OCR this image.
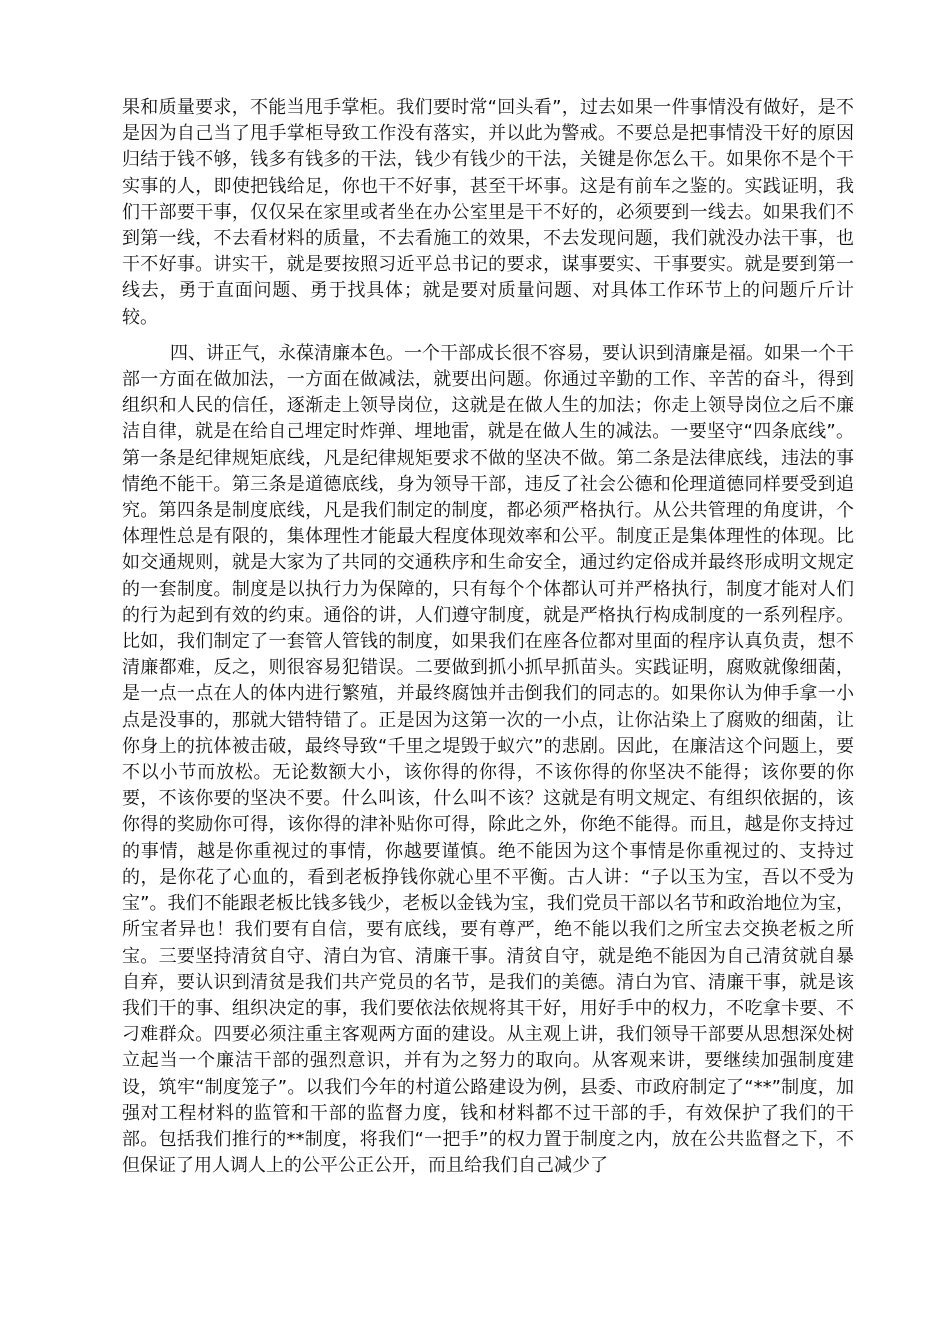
果和质量要求，不能当甩手掌柜。我们要时常“回头看”，过去如果一件事情没有做好，是不是因为自己当了甩手掌柜导致工作没有落实，并以此为警戒。不要总是把事情没干好的原因归结于钱不够，钱多有钱多的干法，钱少有钱少的干法，关键是你怎么干。如果你不是个干实事的人，即使把钱给足，你也干不好事，甚至干坏事。这是有前车之鉴的。实践证明，我们干部要干事，仅仅呆在家里或者坐在办公室里是干不好的，必须要到一线去。如果我们不到第一线，不去看材料的质量，不去看施工的效果，不去发现问题，我们就没办法干事，也干不好事。讲实干，就是要按照习近平总书记的要求，谋事要实、干事要实。就是要到第一线去，勇于直面问题、勇于找具体；就是要对质量问题、对具体工作环节上的问题斤斤计较。

四、讲正气，永葆清廉本色。一个干部成长很不容易，要认识到清廉是福。如果一个干部一方面在做加法，一方面在做减法，就要出问题。你通过辛勤的工作、辛苦的奋斗，得到组织和人民的信任，逐渐走上领导岗位，这就是在做人生的加法；你走上领导岗位之后不廉洁自律，就是在给自己埋定时炸弹、埋地雷，就是在做人生的减法。一要坚守“四条底线”。第一条是纪律规矩底线，凡是纪律规矩要求不做的坚决不做。第二条是法律底线，违法的事情绝不能干。第三条是道德底线，身为领导干部，违反了社会公德和伦理道德同样要受到追究。第四条是制度底线，凡是我们制定的制度，都必须严格执行。从公共管理的角度讲，个体理性总是有限的，集体理性才能最大程度体现效率和公平。制度正是集体理性的体现。比如交通规则，就是大家为了共同的交通秩序和生命安全，通过约定俗成并最终形成明文规定的一套制度。制度是以执行力为保障的，只有每个个体都认可并严格执行，制度才能对人们的行为起到有效的约束。通俗的讲，人们遵守制度，就是严格执行构成制度的一系列程序。比如，我们制定了一套管人管钱的制度，如果我们在座各位都对里面的程序认真负责，想不清廉都难，反之，则很容易犯错误。二要做到抓小抓早抓苗头。实践证明，腐败就像细菌，是一点一点在人的体内进行繁殖，并最终腐蚀并击倒我们的同志的。如果你认为伸手拿一小点是没事的，那就大错特错了。正是因为这第一次的一小点，让你沾染上了腐败的细菌，让你身上的抗体被击破，最终导致“千里之堤毁于蚁穴”的悲剧。因此，在廉洁这个问题上，要不以小节而放松。无论数额大小，该你得的你得，不该你得的你坚决不能得；该你要的你要，不该你要的坚决不要。什么叫该，什么叫不该？这就是有明文规定、有组织依据的，该你得的奖励你可得，该你得的津补贴你可得，除此之外，你绝不能得。而且，越是你支持过的事情，越是你重视过的事情，你越要谨慎。绝不能因为这个事情是你重视过的、支持过的，是你花了心血的，看到老板挣钱你就心里不平衡。古人讲：“子以玉为宝，吾以不受为宝”。我们不能跟老板比钱多钱少，老板以金钱为宝，我们党员干部以名节和政治地位为宝，所宝者异也！我们要有自信，要有底线，要有尊严，绝不能以我们之所宝去交换老板之所宝。三要坚持清贫自守、清白为官、清廉干事。清贫自守，就是绝不能因为自己清贫就自暴自弃，要认识到清贫是我们共产党员的名节，是我们的美德。清白为官、清廉干事，就是该我们干的事、组织决定的事，我们要依法依规将其干好，用好手中的权力，不吃拿卡要、不刁难群众。四要必须注重主客观两方面的建设。从主观上讲，我们领导干部要从思想深处树立起当一个廉洁干部的强烈意识，并有为之努力的取向。从客观来讲，要继续加强制度建设，筑牢“制度笼子”。以我们今年的村道公路建设为例，县委、市政府制定了“**”制度，加强对工程材料的监管和干部的监督力度，钱和材料都不过干部的手，有效保护了我们的干部。包括我们推行的**制度，将我们“一把手”的权力置于制度之内，放在公共监督之下，不但保证了用人调人上的公平公正公开，而且给我们自己减少了
